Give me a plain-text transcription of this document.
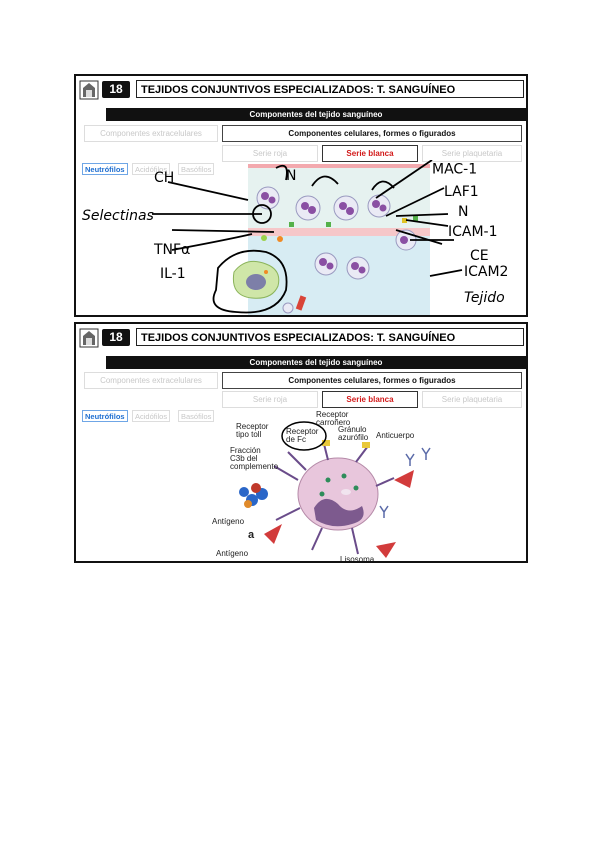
18	TEJIDOS CONJUNTIVOS ESPECIALIZADOS: T. SANGUÍNEO
Componentes del tejido sanguíneo
Componentes extracelulares	Componentes celulares, formes o figurados
Serie roja	Serie blanca	Serie plaquetaria
Neutrófilos	Acidófilos	Basófilos
CH	N
Selectinas
TNFα
IL-1
MAC-1
LAF1
N
ICAM-1
CE
ICAM2
Tejido
18	TEJIDOS CONJUNTIVOS ESPECIALIZADOS: T. SANGUÍNEO
Componentes del tejido sanguíneo
Componentes extracelulares	Componentes celulares, formes o figurados
Serie roja	Serie blanca	Serie plaquetaria
Neutrófilos	Acidófilos	Basófilos	Receptor
carroñero
Receptor
tipo toll	Receptor
de Fc
Gránulo
azurófilo Anticuerpo
Fracción
C3b del
complemento
Antígeno
a
Antígeno
Lisosoma
